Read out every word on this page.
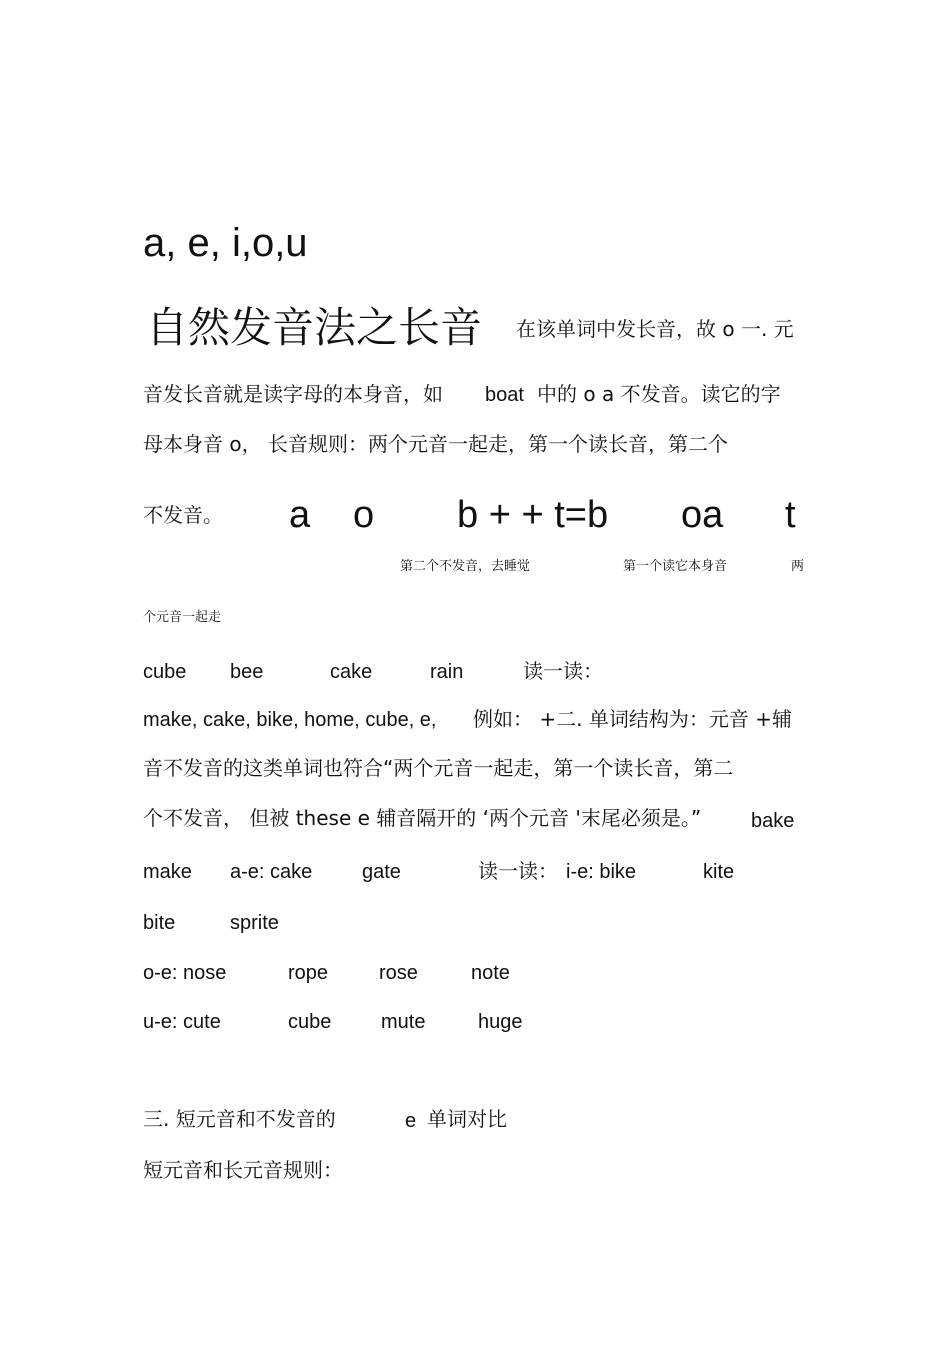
a, e, i,o,u
自然发音法之长音 在该单词中发长音，故 o 一. 元
音发长音就是读字母的本身音，如 boat 中的 o a 不发音。读它的字
母本身音 o， 长音规则：两个元音一起走，第一个读长音，第二个
不发音。 a o b + + t=b oa t
第二个不发音，去睡觉	第一个读它本身音	两
个元音一起走
cube bee	cake	rain	读一读：
make, cake, bike, home, cube, e, 例如： +二. 单词结构为：元音 +辅
音不发音的这类单词也符合“两个元音一起走，第一个读长音，第二
个不发音， 但被 these e 辅音隔开的 ‘两个元音 '末尾必须是。” bake
make a-e: cake gate	读一读： i-e: bike	kite
bite	sprite
o-e: nose	rope	rose	note
u-e: cute	cube mute	huge
三. 短元音和不发音的	e 单词对比
短元音和长元音规则：
